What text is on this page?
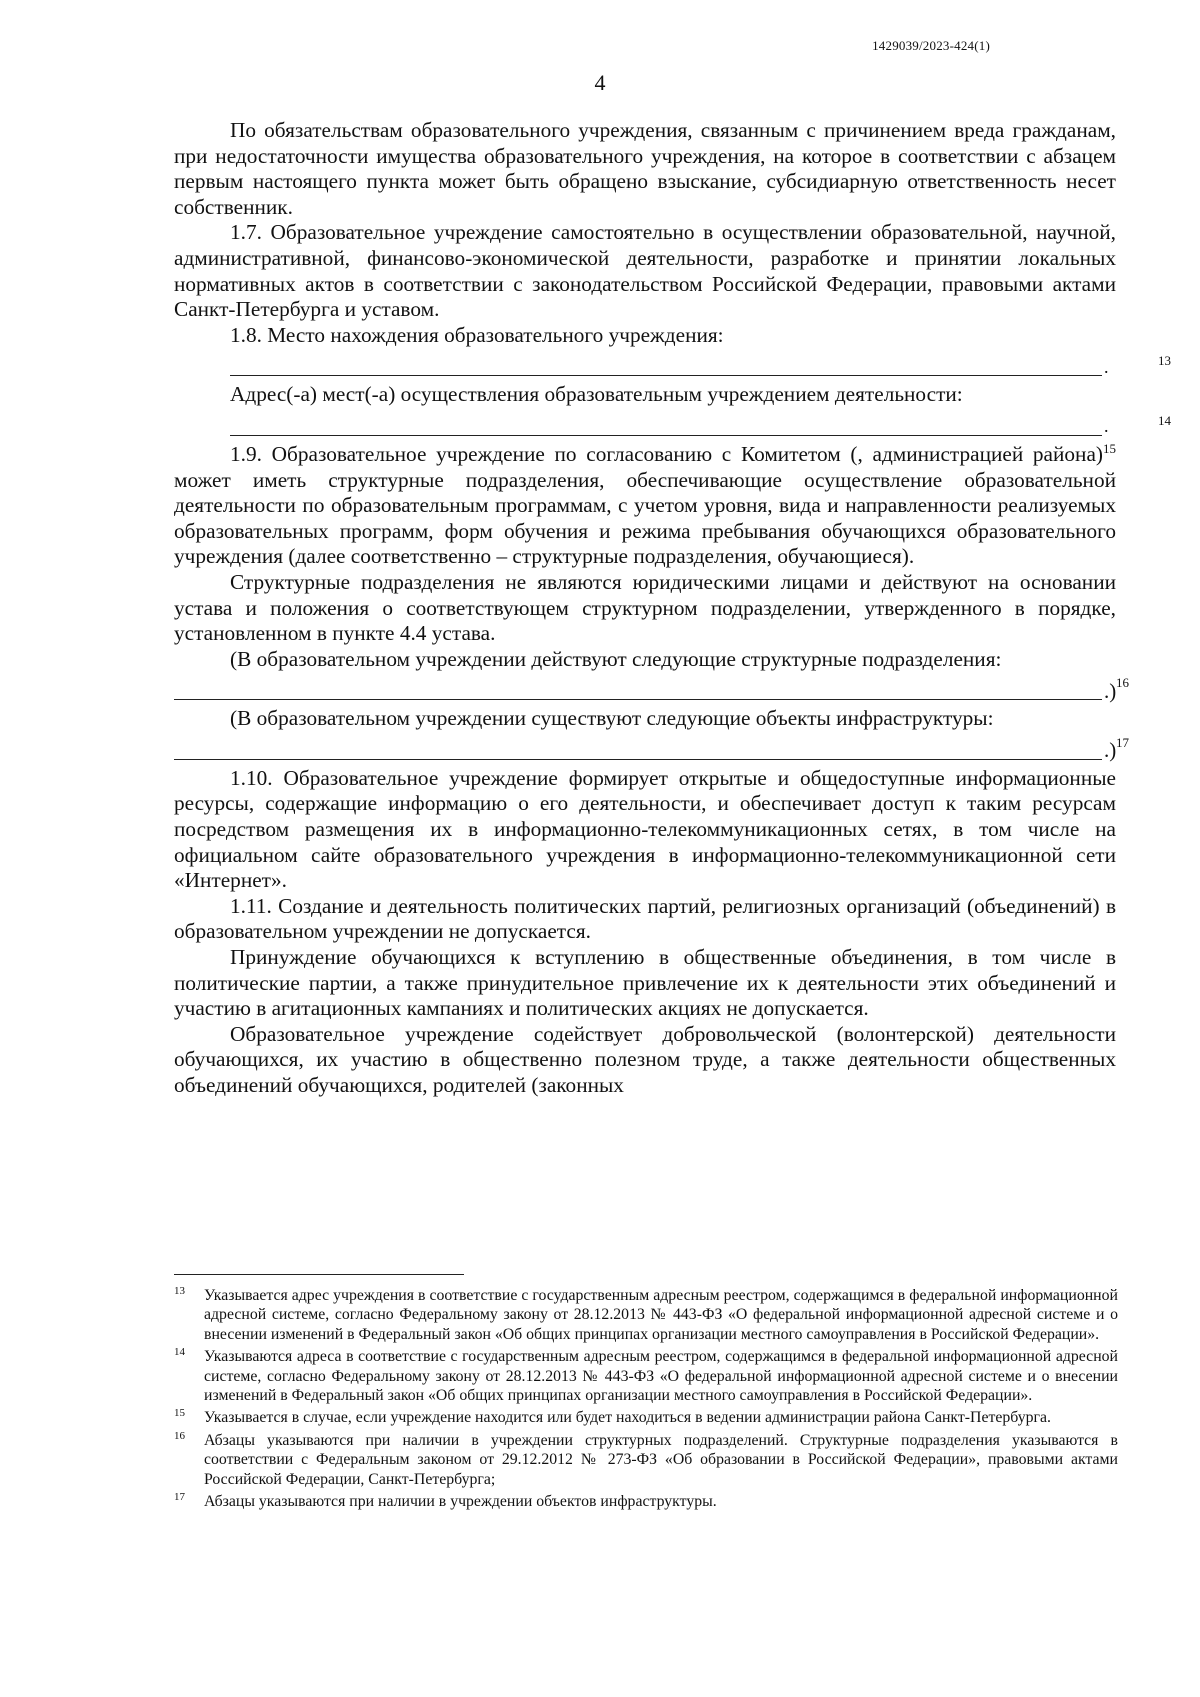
1429039/2023-424(1)
4

По обязательствам образовательного учреждения, связанным с причинением вреда гражданам, при недостаточности имущества образовательного учреждения, на которое в соответствии с абзацем первым настоящего пункта может быть обращено взыскание, субсидиарную ответственность несет собственник.

1.7. Образовательное учреждение самостоятельно в осуществлении образовательной, научной, административной, финансово-экономической деятельности, разработке и принятии локальных нормативных актов в соответствии с законодательством Российской Федерации, правовыми актами Санкт-Петербурга и уставом.

1.8. Место нахождения образовательного учреждения:

.	13

Адрес(-а) мест(-а) осуществления образовательным учреждением деятельности:

.	14

1.9. Образовательное учреждение по согласованию с Комитетом (, администрацией района)$^{15}$ может иметь структурные подразделения, обеспечивающие осуществление образовательной деятельности по образовательным программам, с учетом уровня, вида и направленности реализуемых образовательных программ, форм обучения и режима пребывания обучающихся образовательного учреждения (далее соответственно – структурные подразделения, обучающиеся).

Структурные подразделения не являются юридическими лицами и действуют на основании устава и положения о соответствующем структурном подразделении, утвержденного в порядке, установленном в пункте 4.4 устава.

(В образовательном учреждении действуют следующие структурные подразделения:

.) 16

(В образовательном учреждении существуют следующие объекты инфраструктуры:

.) 17

1.10. Образовательное учреждение формирует открытые и общедоступные информационные ресурсы, содержащие информацию о его деятельности, и обеспечивает доступ к таким ресурсам посредством размещения их в информационно-телекоммуникационных сетях, в том числе на официальном сайте образовательного учреждения в информационно-телекоммуникационной сети «Интернет».

1.11. Создание и деятельность политических партий, религиозных организаций (объединений) в образовательном учреждении не допускается.

Принуждение обучающихся к вступлению в общественные объединения, в том числе в политические партии, а также принудительное привлечение их к деятельности этих объединений и участию в агитационных кампаниях и политических акциях не допускается.

Образовательное учреждение содействует добровольческой (волонтерской) деятельности обучающихся, их участию в общественно полезном труде, а также деятельности общественных объединений обучающихся, родителей (законных

13 Указывается адрес учреждения в соответствие с государственным адресным реестром, содержащимся в федеральной информационной адресной системе, согласно Федеральному закону от 28.12.2013 № 443-ФЗ «О федеральной информационной адресной системе и о внесении изменений в Федеральный закон «Об общих принципах организации местного самоуправления в Российской Федерации».
14 Указываются адреса в соответствие с государственным адресным реестром, содержащимся в федеральной информационной адресной системе, согласно Федеральному закону от 28.12.2013 № 443-ФЗ «О федеральной информационной адресной системе и о внесении изменений в Федеральный закон «Об общих принципах организации местного самоуправления в Российской Федерации».
15 Указывается в случае, если учреждение находится или будет находиться в ведении администрации района Санкт-Петербурга.
16 Абзацы указываются при наличии в учреждении структурных подразделений. Структурные подразделения указываются в соответствии с Федеральным законом от 29.12.2012 № 273-ФЗ «Об образовании в Российской Федерации», правовыми актами Российской Федерации, Санкт-Петербурга;
17 Абзацы указываются при наличии в учреждении объектов инфраструктуры.
